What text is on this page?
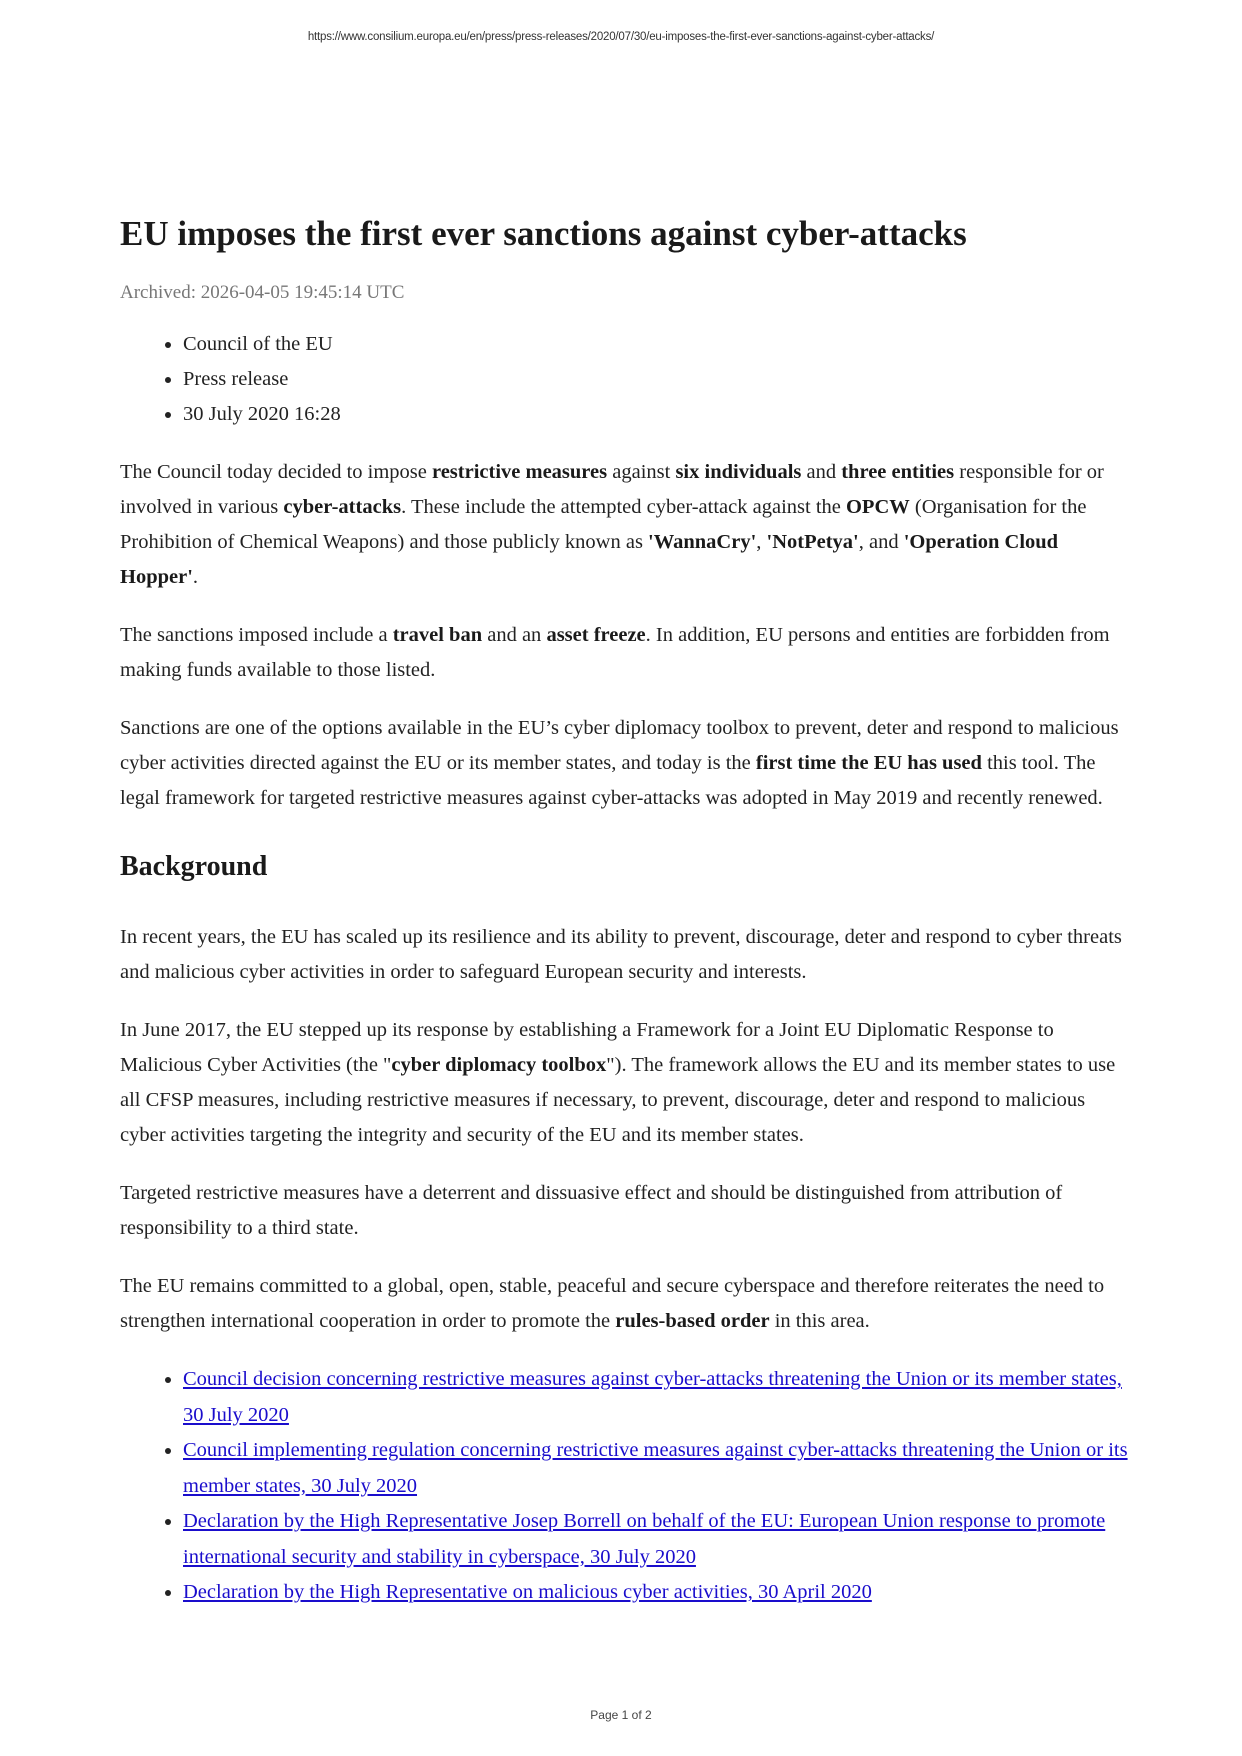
https://www.consilium.europa.eu/en/press/press-releases/2020/07/30/eu-imposes-the-first-ever-sanctions-against-cyber-attacks/
EU imposes the first ever sanctions against cyber-attacks
Archived: 2026-04-05 19:45:14 UTC
• Council of the EU
• Press release
• 30 July 2020 16:28

The Council today decided to impose restrictive measures against six individuals and three entities responsible for or involved in various cyber-attacks. These include the attempted cyber-attack against the OPCW (Organisation for the Prohibition of Chemical Weapons) and those publicly known as 'WannaCry', 'NotPetya', and 'Operation Cloud Hopper'.

The sanctions imposed include a travel ban and an asset freeze. In addition, EU persons and entities are forbidden from making funds available to those listed.

Sanctions are one of the options available in the EU’s cyber diplomacy toolbox to prevent, deter and respond to malicious cyber activities directed against the EU or its member states, and today is the first time the EU has used this tool. The legal framework for targeted restrictive measures against cyber-attacks was adopted in May 2019 and recently renewed.

Background

In recent years, the EU has scaled up its resilience and its ability to prevent, discourage, deter and respond to cyber threats and malicious cyber activities in order to safeguard European security and interests.

In June 2017, the EU stepped up its response by establishing a Framework for a Joint EU Diplomatic Response to Malicious Cyber Activities (the "cyber diplomacy toolbox"). The framework allows the EU and its member states to use all CFSP measures, including restrictive measures if necessary, to prevent, discourage, deter and respond to malicious cyber activities targeting the integrity and security of the EU and its member states.

Targeted restrictive measures have a deterrent and dissuasive effect and should be distinguished from attribution of responsibility to a third state.

The EU remains committed to a global, open, stable, peaceful and secure cyberspace and therefore reiterates the need to strengthen international cooperation in order to promote the rules-based order in this area.

• Council decision concerning restrictive measures against cyber-attacks threatening the Union or its member states, 30 July 2020
• Council implementing regulation concerning restrictive measures against cyber-attacks threatening the Union or its member states, 30 July 2020
• Declaration by the High Representative Josep Borrell on behalf of the EU: European Union response to promote international security and stability in cyberspace, 30 July 2020
• Declaration by the High Representative on malicious cyber activities, 30 April 2020
Page 1 of 2
